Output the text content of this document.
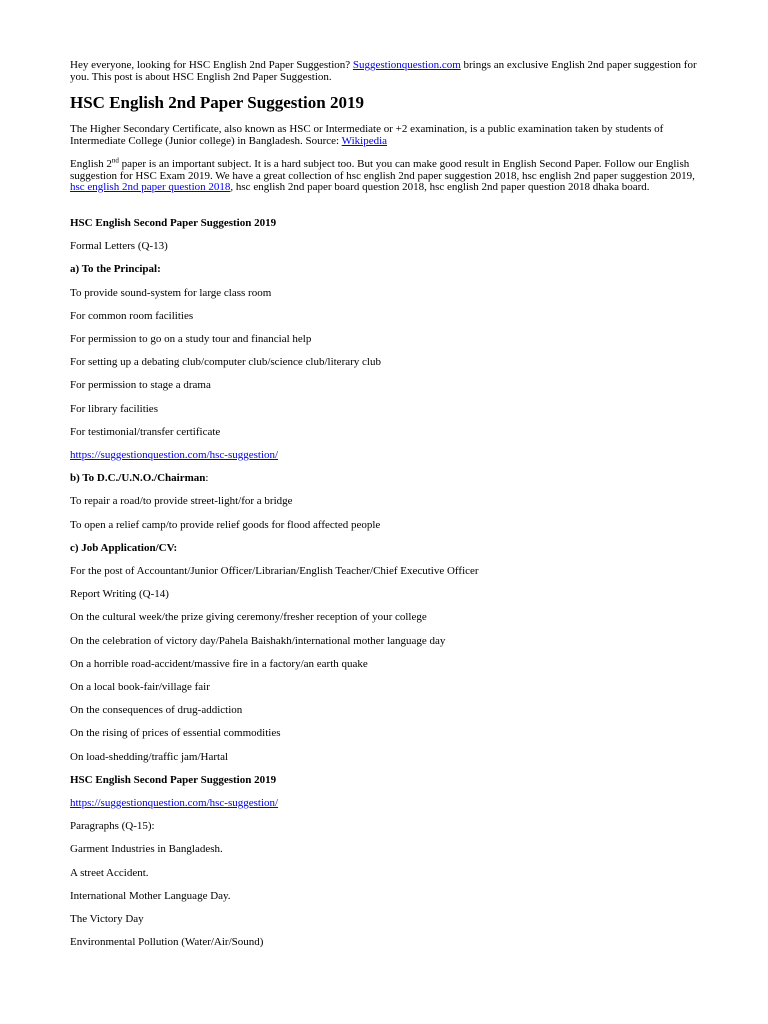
Hey everyone, looking for HSC English 2nd Paper Suggestion? Suggestionquestion.com brings an exclusive English 2nd paper suggestion for you. This post is about HSC English 2nd Paper Suggestion.
HSC English 2nd Paper Suggestion 2019
The Higher Secondary Certificate, also known as HSC or Intermediate or +2 examination, is a public examination taken by students of Intermediate College (Junior college) in Bangladesh. Source: Wikipedia
English 2nd paper is an important subject. It is a hard subject too. But you can make good result in English Second Paper. Follow our English suggestion for HSC Exam 2019. We have a great collection of hsc english 2nd paper suggestion 2018, hsc english 2nd paper suggestion 2019, hsc english 2nd paper question 2018, hsc english 2nd paper board question 2018, hsc english 2nd paper question 2018 dhaka board.
HSC English Second Paper Suggestion 2019
Formal Letters (Q-13)
a) To the Principal:
To provide sound-system for large class room
For common room facilities
For permission to go on a study tour and financial help
For setting up a debating club/computer club/science club/literary club
For permission to stage a drama
For library facilities
For testimonial/transfer certificate
https://suggestionquestion.com/hsc-suggestion/
b) To D.C./U.N.O./Chairman:
To repair a road/to provide street-light/for a bridge
To open a relief camp/to provide relief goods for flood affected people
c) Job Application/CV:
For the post of Accountant/Junior Officer/Librarian/English Teacher/Chief Executive Officer
Report Writing (Q-14)
On the cultural week/the prize giving ceremony/fresher reception of your college
On the celebration of victory day/Pahela Baishakh/international mother language day
On a horrible road-accident/massive fire in a factory/an earth quake
On a local book-fair/village fair
On the consequences of drug-addiction
On the rising of prices of essential commodities
On load-shedding/traffic jam/Hartal
HSC English Second Paper Suggestion 2019
https://suggestionquestion.com/hsc-suggestion/
Paragraphs (Q-15):
Garment Industries in Bangladesh.
A street Accident.
International Mother Language Day.
The Victory Day
Environmental Pollution (Water/Air/Sound)
